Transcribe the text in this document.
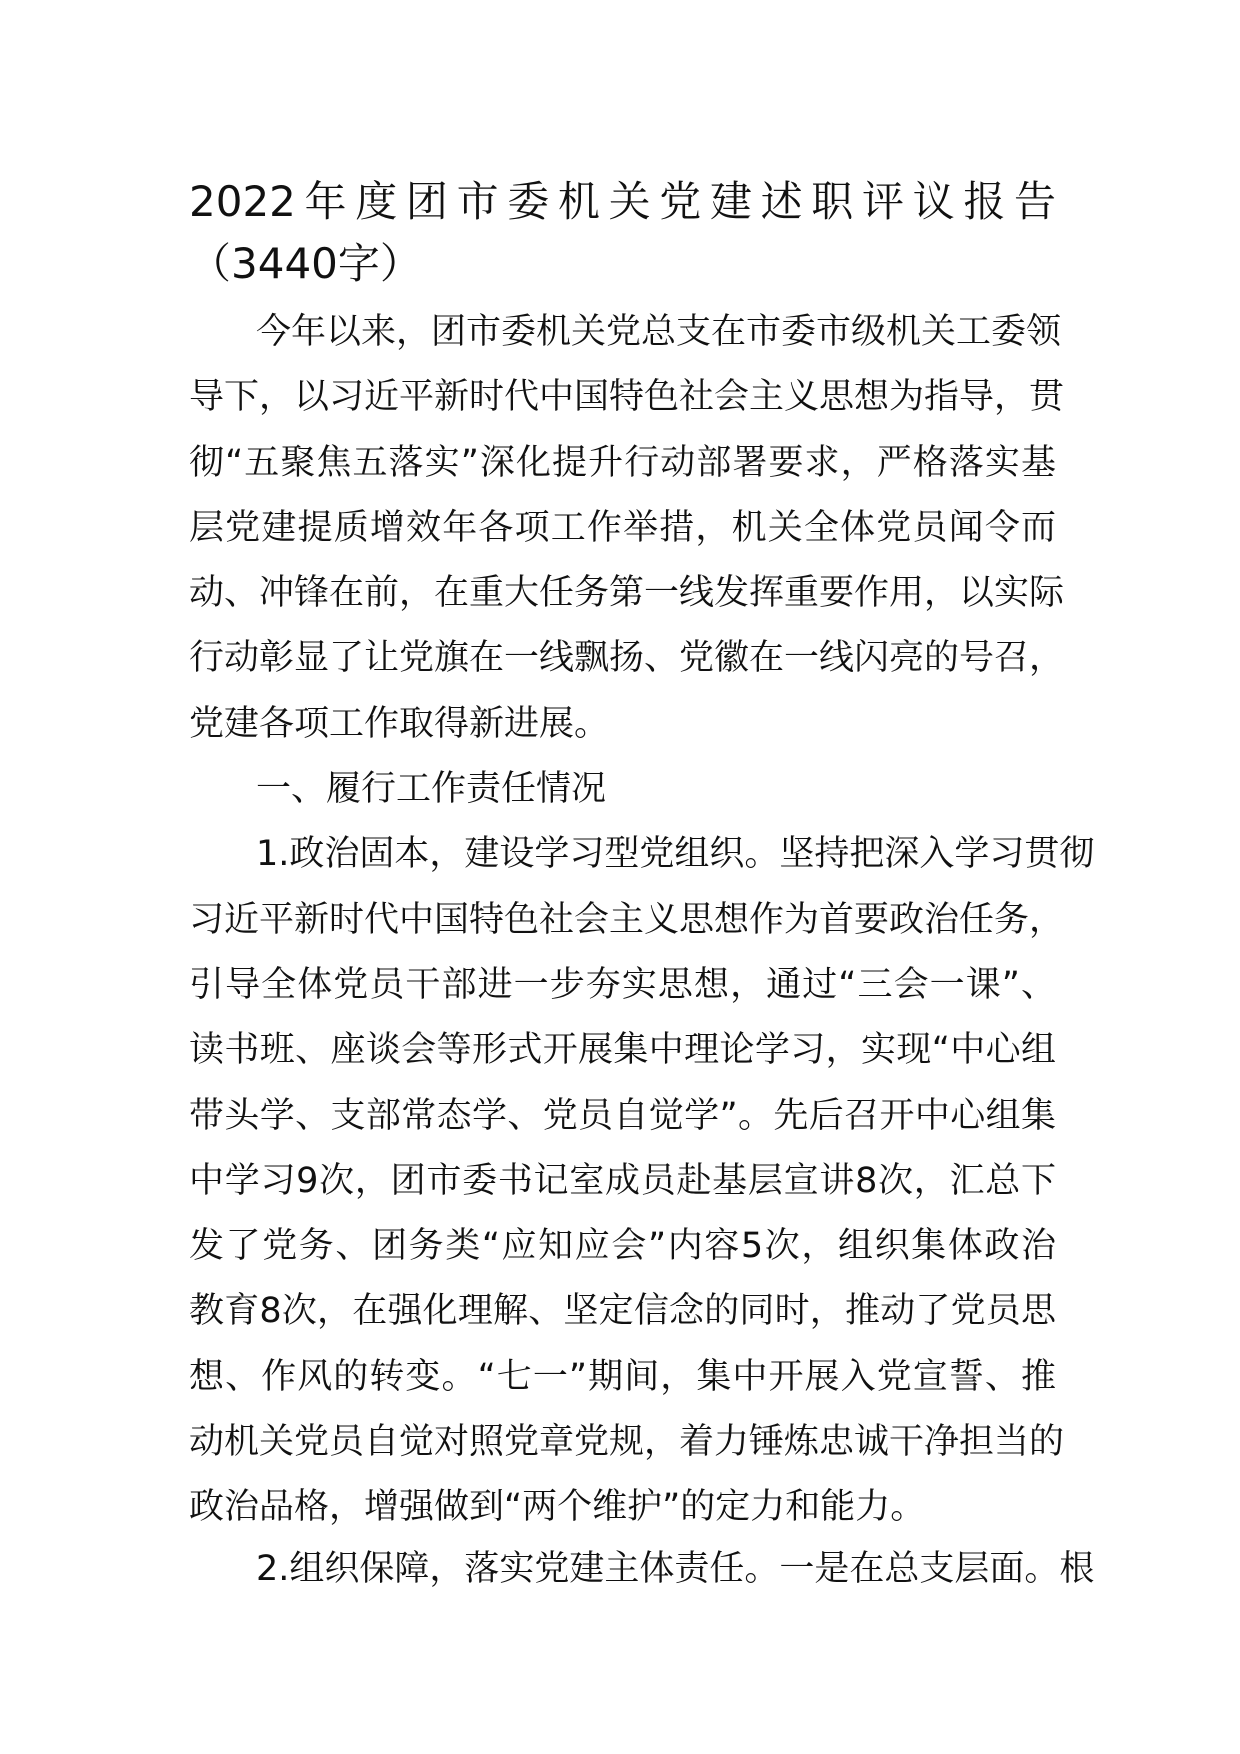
2022年度团市委机关党建述职评议报告
（3440字）
今年以来，团市委机关党总支在市委市级机关工委领
导下，以习近平新时代中国特色社会主义思想为指导，贯
彻“五聚焦五落实”深化提升行动部署要求，严格落实基
层党建提质增效年各项工作举措，机关全体党员闻令而
动、冲锋在前，在重大任务第一线发挥重要作用，以实际
行动彰显了让党旗在一线飘扬、党徽在一线闪亮的号召，
党建各项工作取得新进展。
一、履行工作责任情况
1.政治固本，建设学习型党组织。坚持把深入学习贯彻
习近平新时代中国特色社会主义思想作为首要政治任务，
引导全体党员干部进一步夯实思想，通过“三会一课”、
读书班、座谈会等形式开展集中理论学习，实现“中心组
带头学、支部常态学、党员自觉学”。先后召开中心组集
中学习9次，团市委书记室成员赴基层宣讲8次，汇总下
发了党务、团务类“应知应会”内容5次，组织集体政治
教育8次，在强化理解、坚定信念的同时，推动了党员思
想、作风的转变。“七一”期间，集中开展入党宣誓、推
动机关党员自觉对照党章党规，着力锤炼忠诚干净担当的
政治品格，增强做到“两个维护”的定力和能力。
2.组织保障，落实党建主体责任。一是在总支层面。根
